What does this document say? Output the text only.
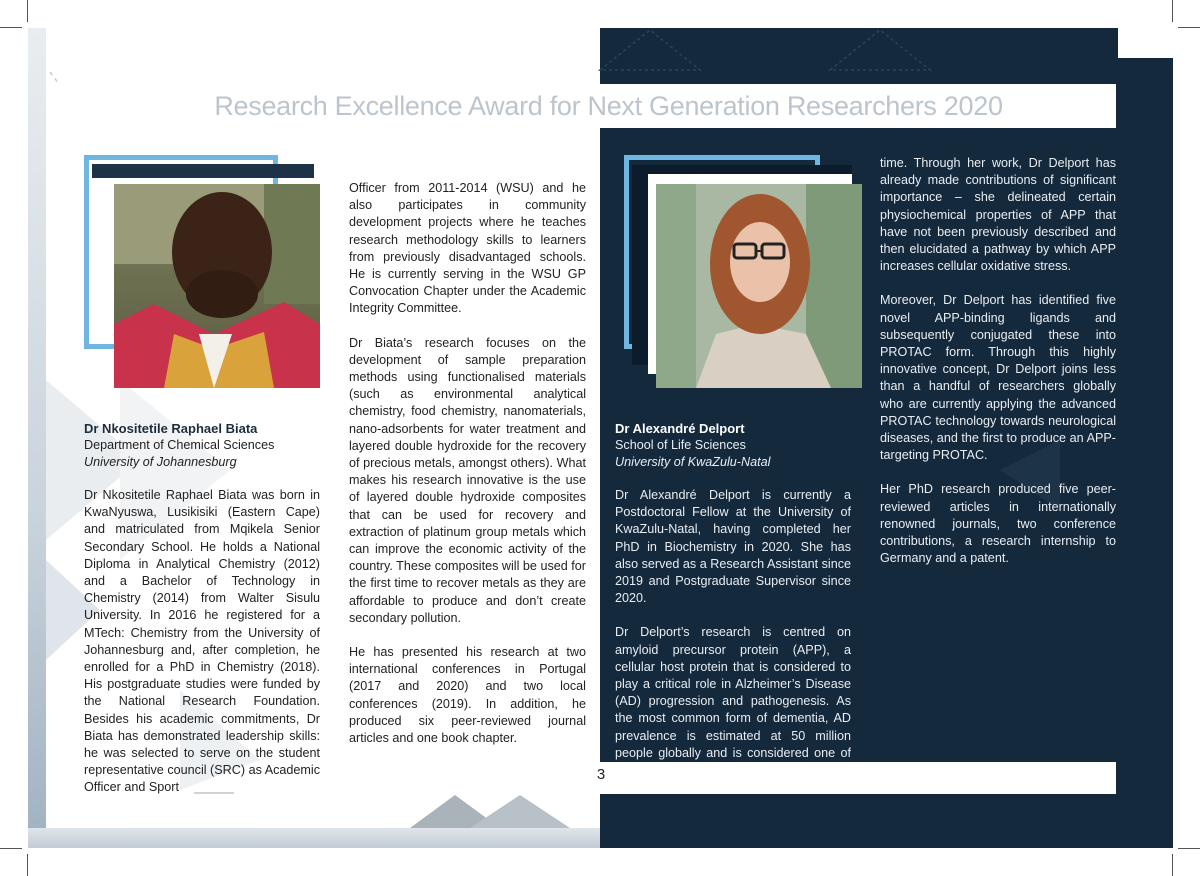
Research Excellence Award for Next Generation Researchers 2020
Dr Nkositetile Raphael Biata
Department of Chemical Sciences
University of Johannesburg

Dr Nkositetile Raphael Biata was born in KwaNyuswa, Lusikisiki (Eastern Cape) and matriculated from Mqikela Senior Secondary School. He holds a National Diploma in Analytical Chemistry (2012) and a Bachelor of Technology in Chemistry (2014) from Walter Sisulu University. In 2016 he registered for a MTech: Chemistry from the University of Johannesburg and, after completion, he enrolled for a PhD in Chemistry (2018). His postgraduate studies were funded by the National Research Foundation. Besides his academic commitments, Dr Biata has demonstrated leadership skills: he was selected to serve on the student representative council (SRC) as Academic Officer and Sport

Officer from 2011-2014 (WSU) and he also participates in community development projects where he teaches research methodology skills to learners from previously disadvantaged schools. He is currently serving in the WSU GP Convocation Chapter under the Academic Integrity Committee.

Dr Biata’s research focuses on the development of sample preparation methods using functionalised materials (such as environmental analytical chemistry, food chemistry, nanomaterials, nano-adsorbents for water treatment and layered double hydroxide for the recovery of precious metals, amongst others). What makes his research innovative is the use of layered double hydroxide composites that can be used for recovery and extraction of platinum group metals which can improve the economic activity of the country. These composites will be used for the first time to recover metals as they are affordable to produce and don’t create secondary pollution.

He has presented his research at two international conferences in Portugal (2017 and 2020) and two local conferences (2019). In addition, he produced six peer-reviewed journal articles and one book chapter.

Dr Alexandré Delport
School of Life Sciences
University of KwaZulu-Natal

Dr Alexandré Delport is currently a Postdoctoral Fellow at the University of KwaZulu-Natal, having completed her PhD in Biochemistry in 2020. She has also served as a Research Assistant since 2019 and Postgraduate Supervisor since 2020.

Dr Delport’s research is centred on amyloid precursor protein (APP), a cellular host protein that is considered to play a critical role in Alzheimer’s Disease (AD) progression and pathogenesis. As the most common form of dementia, AD prevalence is estimated at 50 million people globally and is considered one of

time. Through her work, Dr Delport has already made contributions of significant importance – she delineated certain physiochemical properties of APP that have not been previously described and then elucidated a pathway by which APP increases cellular oxidative stress.

Moreover, Dr Delport has identified five novel APP-binding ligands and subsequently conjugated these into PROTAC form. Through this highly innovative concept, Dr Delport joins less than a handful of researchers globally who are currently applying the advanced PROTAC technology towards neurological diseases, and the first to produce an APP-targeting PROTAC.

Her PhD research produced five peer-reviewed articles in internationally renowned journals, two conference contributions, a research internship to Germany and a patent.

3
